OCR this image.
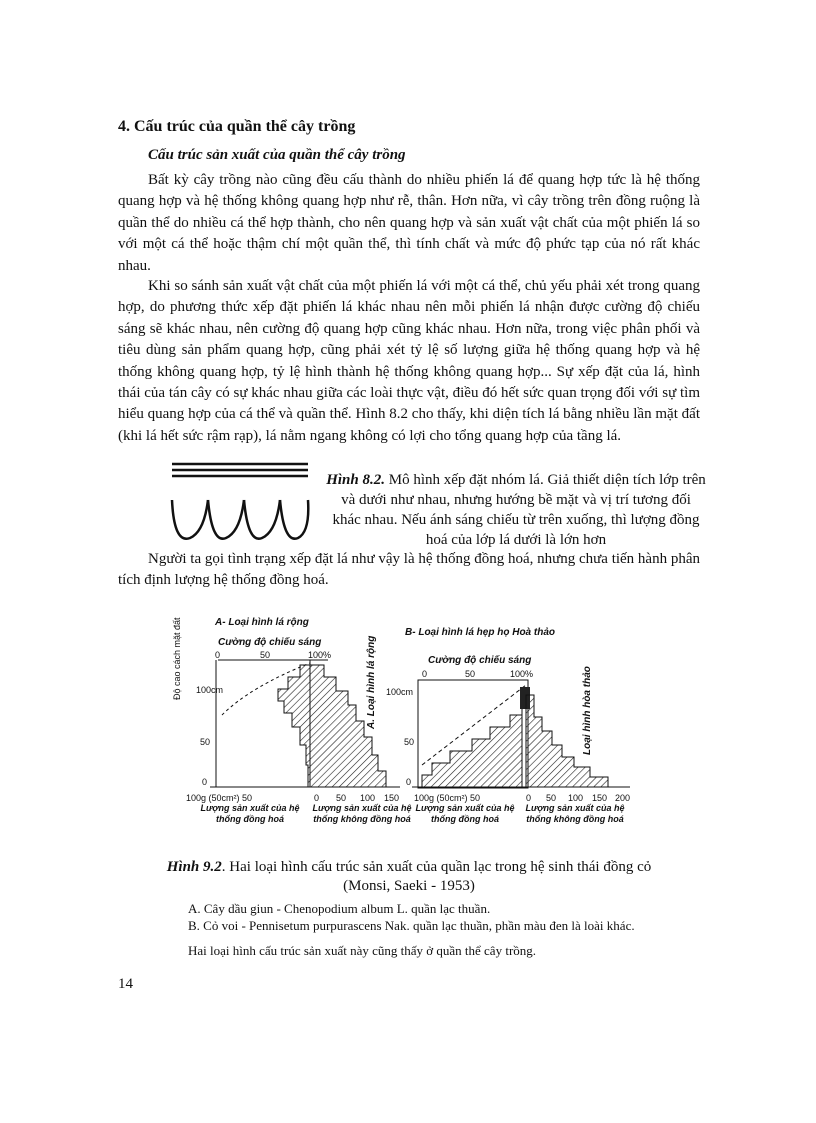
4. Cấu trúc của quần thể cây trồng
Cấu trúc sản xuất của quần thể cây trồng
Bất kỳ cây trồng nào cũng đều cấu thành do nhiều phiến lá để quang hợp tức là hệ thống quang hợp và hệ thống không quang hợp như rễ, thân. Hơn nữa, vì cây trồng trên đồng ruộng là quần thể do nhiều cá thể hợp thành, cho nên quang hợp và sản xuất vật chất của một phiến lá so với một cá thể hoặc thậm chí một quần thể, thì tính chất và mức độ phức tạp của nó rất khác nhau.
Khi so sánh sản xuất vật chất của một phiến lá với một cá thể, chủ yếu phải xét trong quang hợp, do phương thức xếp đặt phiến lá khác nhau nên mỗi phiến lá nhận được cường độ chiếu sáng sẽ khác nhau, nên cường độ quang hợp cũng khác nhau. Hơn nữa, trong việc phân phối và tiêu dùng sản phẩm quang hợp, cũng phải xét tỷ lệ số lượng giữa hệ thống quang hợp và hệ thống không quang hợp, tỷ lệ hình thành hệ thống không quang hợp... Sự xếp đặt của lá, hình thái của tán cây có sự khác nhau giữa các loài thực vật, điều đó hết sức quan trọng đối với sự tìm hiểu quang hợp của cá thể và quần thể. Hình 8.2 cho thấy, khi diện tích lá bằng nhiều lần mặt đất (khi lá hết sức rậm rạp), lá nằm ngang không có lợi cho tổng quang hợp của tầng lá.
Hình 8.2. Mô hình xếp đặt nhóm lá. Giả thiết diện tích lớp trên và dưới như nhau, nhưng hướng bề mặt và vị trí tương đối khác nhau. Nếu ánh sáng chiếu từ trên xuống, thì lượng đồng hoá của lớp lá dưới là lớn hơn
Người ta gọi tình trạng xếp đặt lá như vậy là hệ thống đồng hoá, nhưng chưa tiến hành phân tích định lượng hệ thống đồng hoá.
A- Loại hình lá rộng
Cường độ chiếu sáng
0	50	100%
Độ cao cách mặt đất 100cm
50
0
A. Loại hình lá rộng
100g (50cm²) 50	0 50 100 150
Lượng sản xuất của hệ thống đồng hoá
Lượng sản xuất của hệ thống không đồng hoá
B- Loại hình lá hẹp họ Hoà thảo
Cường độ chiếu sáng
0	50	100%
100cm
50
0
Loại hình hòa thảo
100g (50cm²) 50	0 50 100 150 200
Lượng sản xuất của hệ thống đồng hoá
Lượng sản xuất của hệ thống không đồng hoá
Hình 9.2. Hai loại hình cấu trúc sản xuất của quần lạc trong hệ sinh thái đồng cỏ
(Monsi, Saeki - 1953)
A. Cây dầu giun - Chenopodium album L. quần lạc thuần.
B. Cỏ voi - Pennisetum purpurascens Nak. quần lạc thuần, phần màu đen là loài khác.
Hai loại hình cấu trúc sản xuất này cũng thấy ở quần thể cây trồng.
14
